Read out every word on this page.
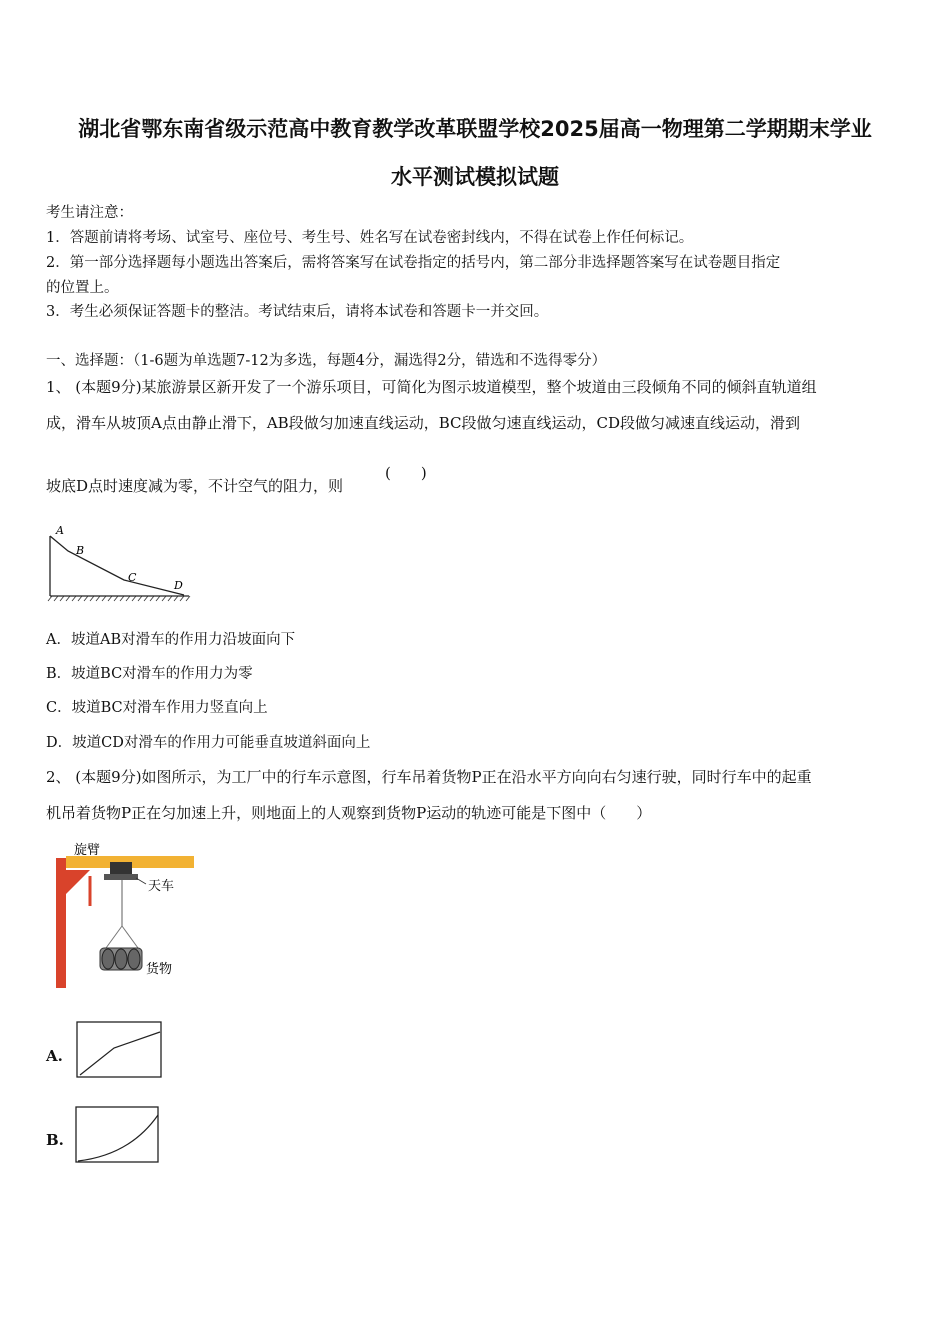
湖北省鄂东南省级示范高中教育教学改革联盟学校2025届高一物理第二学期期末学业
水平测试模拟试题
考生请注意：
1．答题前请将考场、试室号、座位号、考生号、姓名写在试卷密封线内，不得在试卷上作任何标记。
2．第一部分选择题每小题选出答案后，需将答案写在试卷指定的括号内，第二部分非选择题答案写在试卷题目指定
的位置上。
3．考生必须保证答题卡的整洁。考试结束后，请将本试卷和答题卡一并交回。
一、选择题：（1-6题为单选题7-12为多选，每题4分，漏选得2分，错选和不选得零分）
1、 (本题9分)某旅游景区新开发了一个游乐项目，可简化为图示坡道模型，整个坡道由三段倾角不同的倾斜直轨道组
成，滑车从坡顶A点由静止滑下，AB段做匀加速直线运动，BC段做匀速直线运动，CD段做匀减速直线运动，滑到
坡底D点时速度减为零，不计空气的阻力，则
(　　)
A
B
C
D
A．坡道AB对滑车的作用力沿坡面向下
B．坡道BC对滑车的作用力为零
C．坡道BC对滑车作用力竖直向上
D．坡道CD对滑车的作用力可能垂直坡道斜面向上
2、 (本题9分)如图所示，为工厂中的行车示意图，行车吊着货物P正在沿水平方向向右匀速行驶，同时行车中的起重
机吊着货物P正在匀加速上升，则地面上的人观察到货物P运动的轨迹可能是下图中（　　）
旋臂
天车
货物
A.
B.
